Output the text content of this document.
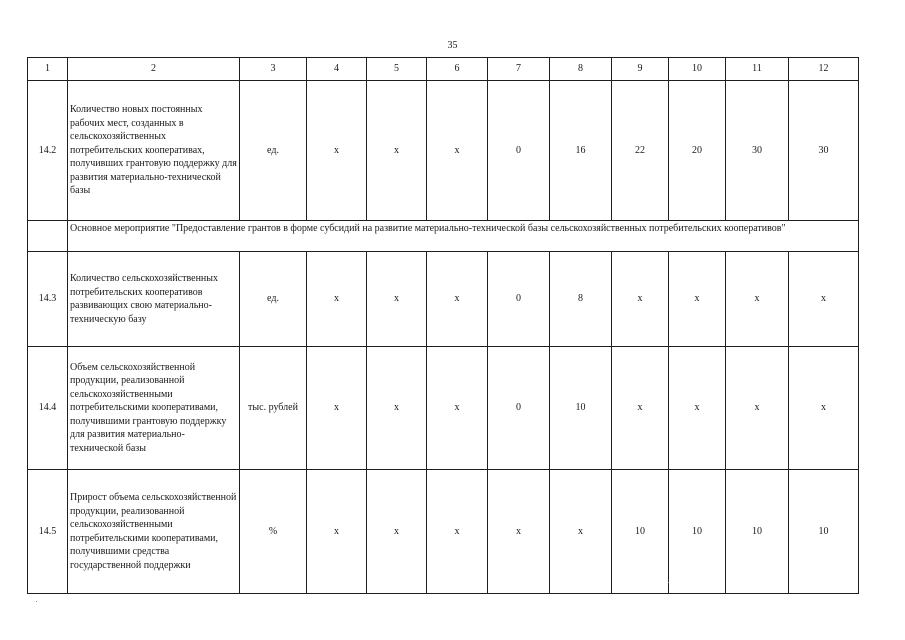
35
1	2	3	4	5	6	7	8	9	10	11	12
14.2	Количество новых постоянных рабочих мест, созданных в сельскохозяйственных потребительских кооперативах, получивших грантовую поддержку для развития материально-технической базы	ед.	х	х	х	0	16	22	20	30	30
	Основное мероприятие "Предоставление грантов в форме субсидий на развитие материально-технической базы сельскохозяйственных потребительских кооперативов"										
14.3	Количество сельскохозяйственных потребительских кооперативов развивающих свою материально-техническую базу	ед.	х	х	х	0	8	х	х	х	х
14.4	Объем сельскохозяйственной продукции, реализованной сельскохозяйственными потребительскими кооперативами, получившими грантовую поддержку для развития материально-технической базы	тыс. рублей	х	х	х	0	10	х	х	х	х
14.5	Прирост объема сельскохозяйственной продукции, реализованной сельскохозяйственными потребительскими кооперативами, получившими средства государственной поддержки	%	х	х	х	х	х	10	10	10	10
